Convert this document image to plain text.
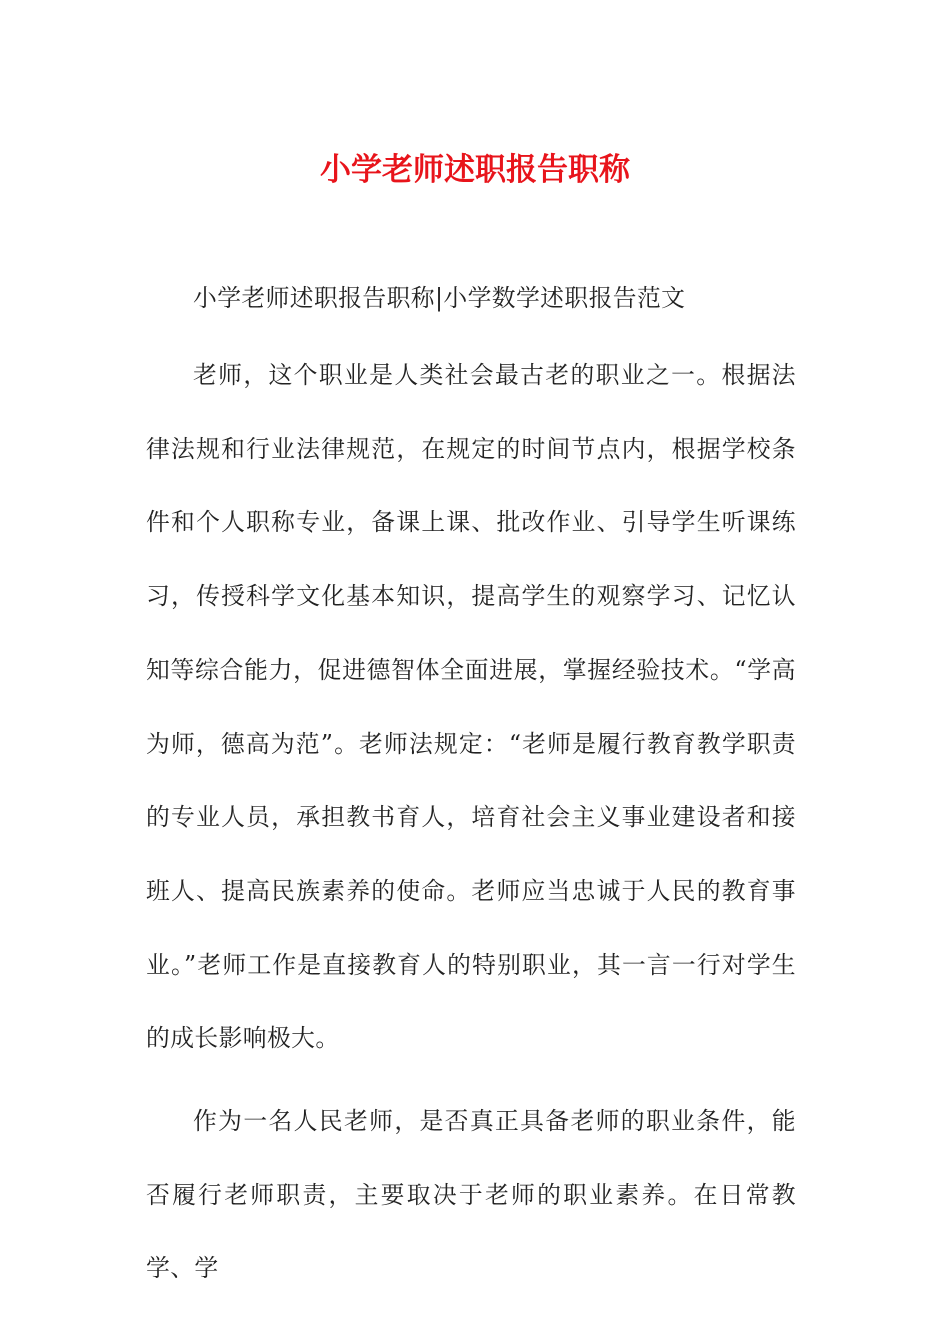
小学老师述职报告职称
小学老师述职报告职称|小学数学述职报告范文
老师，这个职业是人类社会最古老的职业之一。根据法律法规和行业法律规范，在规定的时间节点内，根据学校条件和个人职称专业，备课上课、批改作业、引导学生听课练习，传授科学文化基本知识，提高学生的观察学习、记忆认知等综合能力，促进德智体全面进展，掌握经验技术。“学高为师，德高为范”。老师法规定：“老师是履行教育教学职责的专业人员，承担教书育人，培育社会主义事业建设者和接班人、提高民族素养的使命。老师应当忠诚于人民的教育事业。”老师工作是直接教育人的特别职业，其一言一行对学生的成长影响极大。
作为一名人民老师，是否真正具备老师的职业条件，能否履行老师职责，主要取决于老师的职业素养。在日常教学、学
